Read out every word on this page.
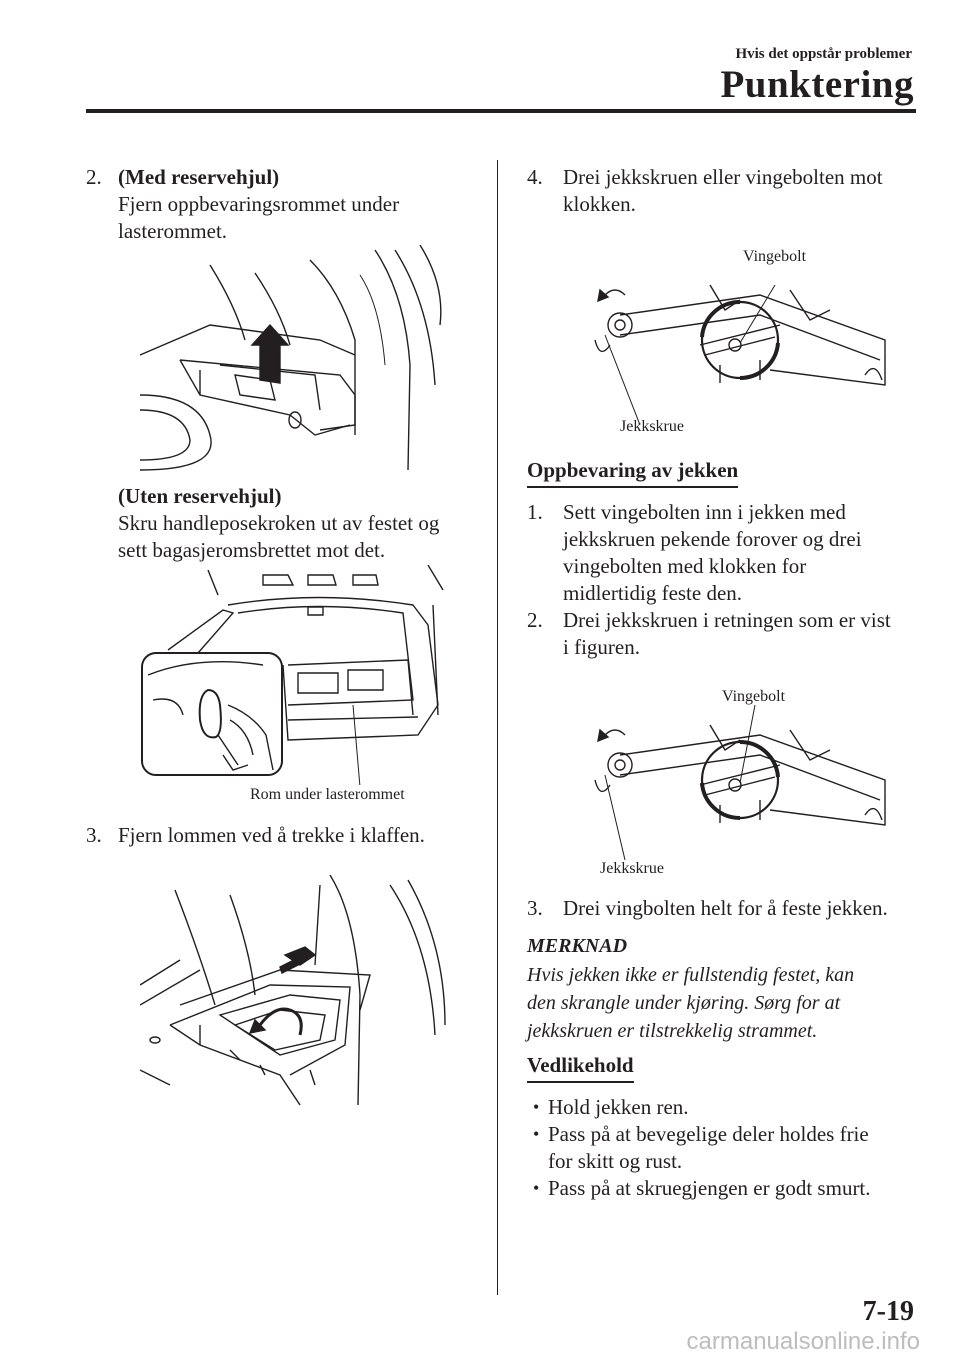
Hvis det oppstår problemer
Punktering
2. (Med reservehjul)
Fjern oppbevaringsrommet under
lasterommet.
(Uten reservehjul)
Skru handleposekroken ut av festet og
sett bagasjeromsbrettet mot det.
Rom under lasterommet
3. Fjern lommen ved å trekke i klaffen.
4. Drei jekkskruen eller vingebolten mot
klokken.
Vingebolt
Jekkskrue
Oppbevaring av jekken
1. Sett vingebolten inn i jekken med
jekkskruen pekende forover og drei
vingebolten med klokken for
midlertidig feste den.
2. Drei jekkskruen i retningen som er vist
i figuren.
Vingebolt
Jekkskrue
3. Drei vingbolten helt for å feste jekken.
MERKNAD
Hvis jekken ikke er fullstendig festet, kan
den skrangle under kjøring. Sørg for at
jekkskruen er tilstrekkelig strammet.
Vedlikehold
• Hold jekken ren.
• Pass på at bevegelige deler holdes frie
for skitt og rust.
• Pass på at skruegjengen er godt smurt.
7-19
carmanualsonline.info
